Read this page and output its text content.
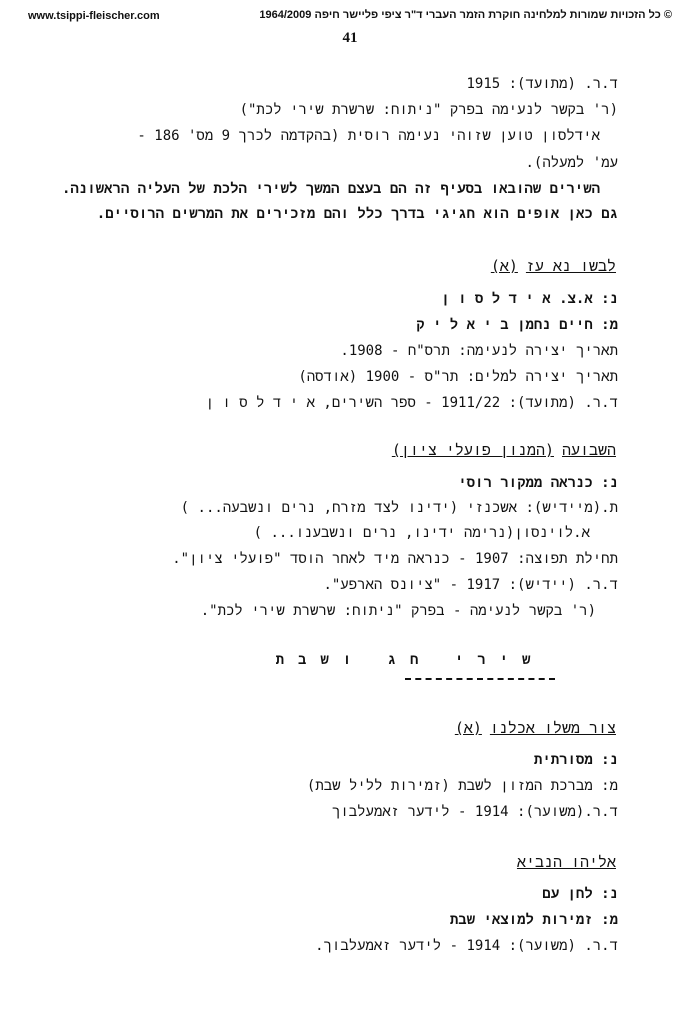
www.tsippi-fleischer.com	© כל הזכויות שמורות למלחינה חוקרת הזמר העברי ד"ר ציפי פליישר חיפה 1964/2009
41
ד.ר. (מתועד): 1915
(ר' בקשר לנעימה בפרק "ניתוח: שרשרת שירי לכת")
אידלסון טוען שזוהי נעימה רוסית (בהקדמה לכרך 9 מס' 186 -
עמ' למעלה).
השירים שהובאו בסעיף זה הם בעצם המשך לשירי הלכת של העליה הראשונה.
גם כאן אופים הוא חגיגי בדרך כלל והם מזכירים את המרשים הרוסיים.
לבשו נא עז(א)
נ: א.צ. א י ד ל ס ו ן
מ: חיים נחמן ב י א ל י ק
תאריך יצירה לנעימה: תרס"ח - 1908.
תאריך יצירה למלים: תר"ס - 1900 (אודסה)
ד.ר. (מתועד): 1911/22 - ספר השירים, א י ד ל ס ו ן
השבועה(המנון פועלי ציון)
נ: כנראה ממקור רוסי
ת.(מיידיש): אשכנזי (ידינו לצד מזרח, נרים ונשבעה... )
א.לוינסון(נרימה ידינו, נרים ונשבענו... )
תחילת תפוצה: 1907 - כנראה מיד לאחר הוסד "פועלי ציון".
ד.ר. (יידיש): 1917 - "ציונס הארפע".
(ר' בקשר לנעימה - בפרק "ניתוח: שרשרת שירי לכת".
שירי חג ושבת
צור משלו אכלנו(א)
נ: מסורתית
מ: מברכת המזון לשבת (זמירות לליל שבת)
ד.ר.(משוער): 1914 - לידער זאמעלבוך
אליהו הנביא
נ: לחן עם
מ: זמירות למוצאי שבת
ד.ר. (משוער): 1914 - לידער זאמעלבוך.
